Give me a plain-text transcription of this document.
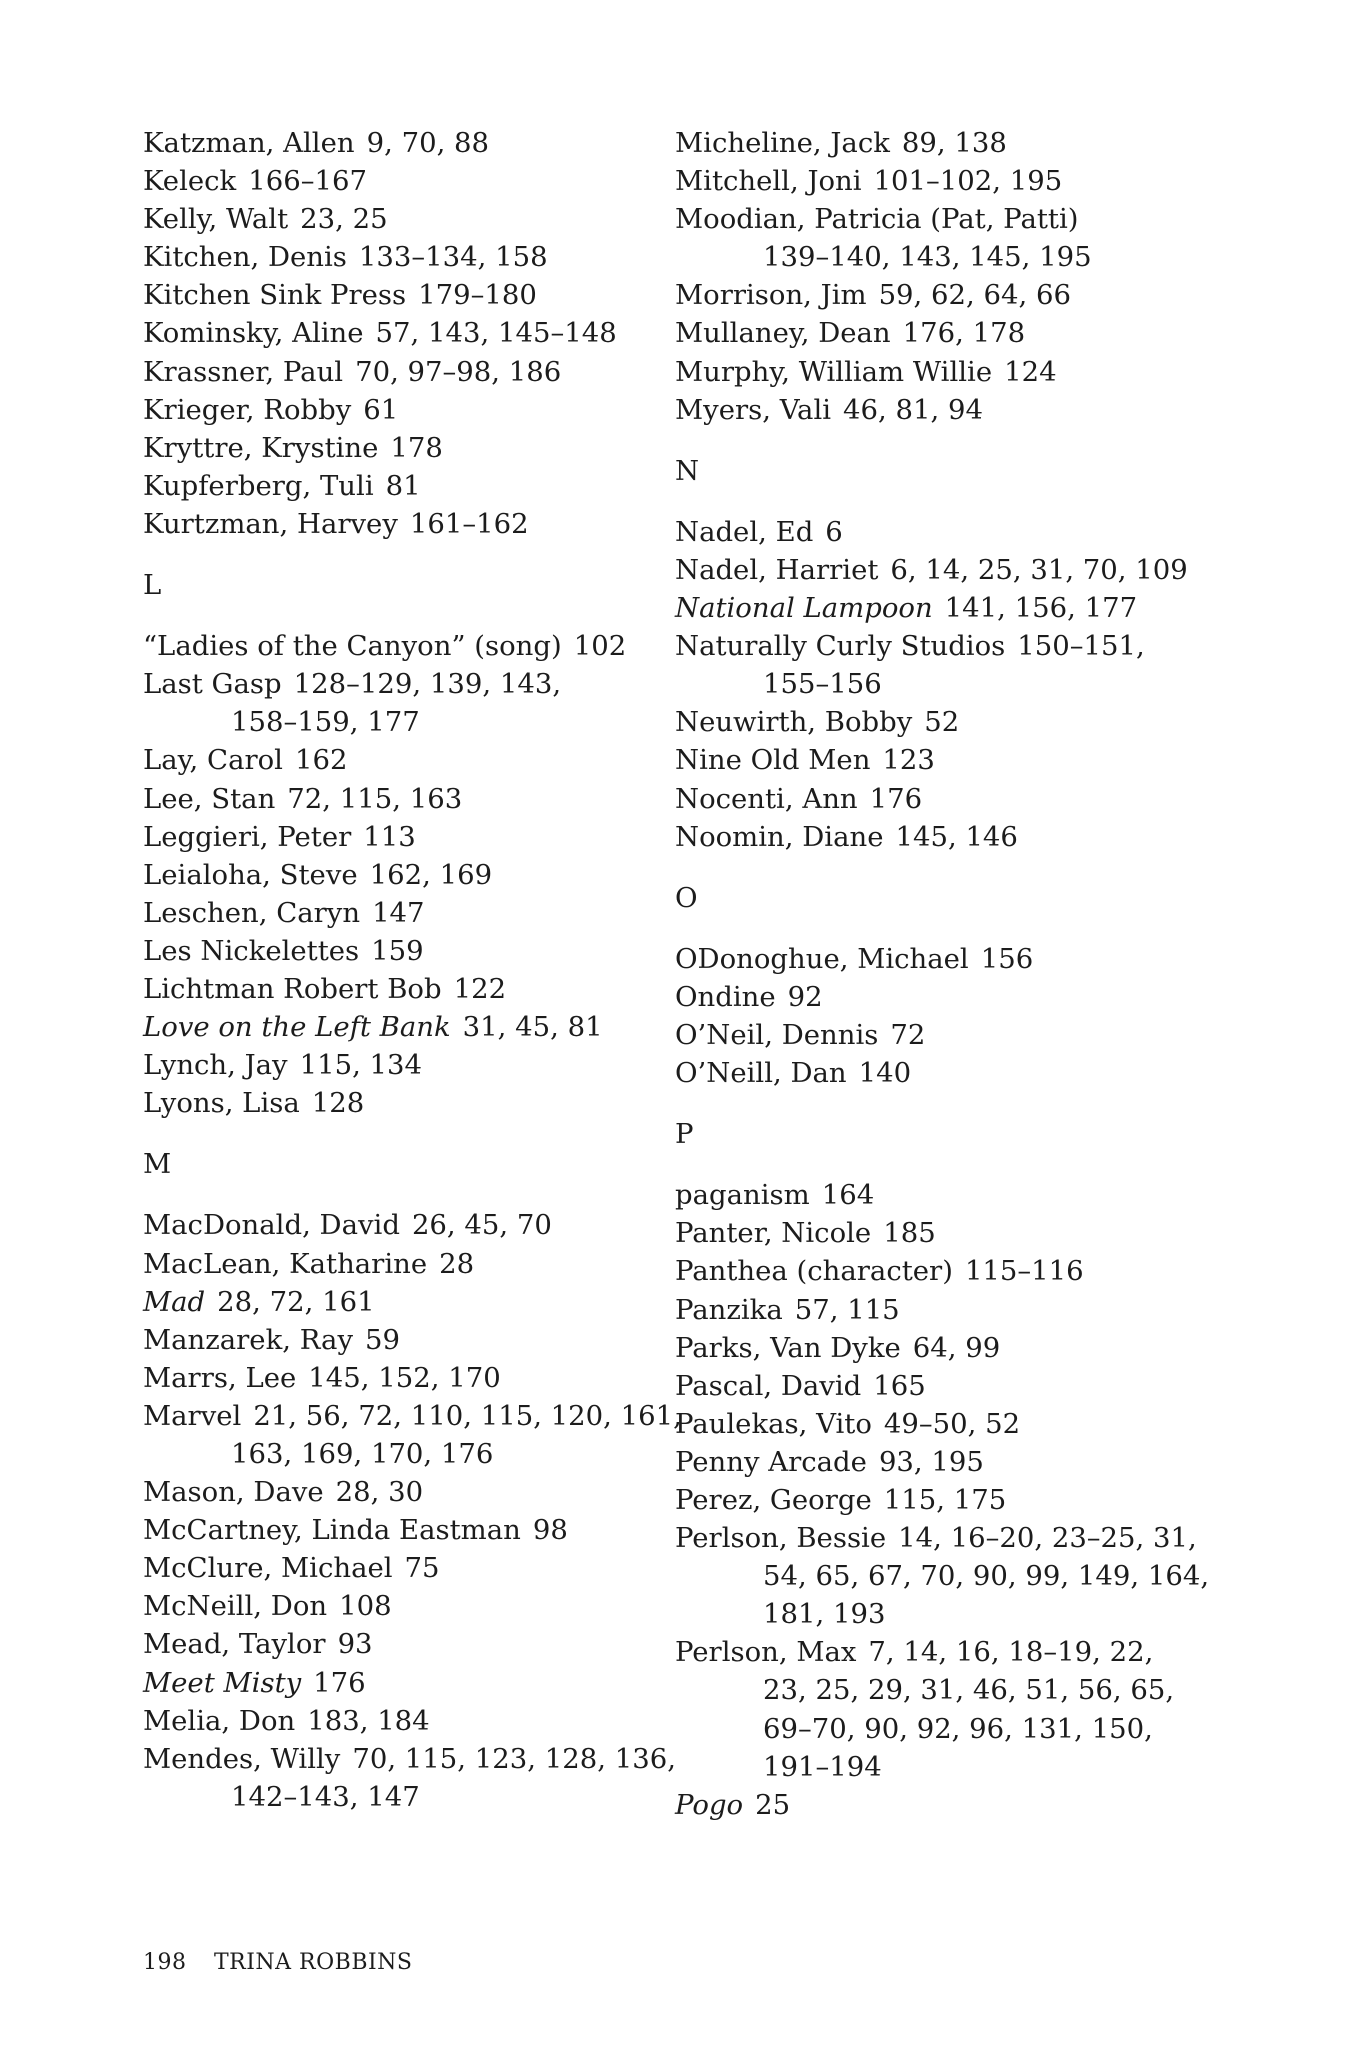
Katzman, Allen 9, 70, 88
Keleck 166–167
Kelly, Walt 23, 25
Kitchen, Denis 133–134, 158
Kitchen Sink Press 179–180
Kominsky, Aline 57, 143, 145–148
Krassner, Paul 70, 97–98, 186
Krieger, Robby 61
Kryttre, Krystine 178
Kupferberg, Tuli 81
Kurtzman, Harvey 161–162
L
“Ladies of the Canyon” (song) 102
Last Gasp 128–129, 139, 143,
158–159, 177
Lay, Carol 162
Lee, Stan 72, 115, 163
Leggieri, Peter 113
Leialoha, Steve 162, 169
Leschen, Caryn 147
Les Nickelettes 159
Lichtman Robert Bob 122
Love on the Left Bank 31, 45, 81
Lynch, Jay 115, 134
Lyons, Lisa 128
M
MacDonald, David 26, 45, 70
MacLean, Katharine 28
Mad 28, 72, 161
Manzarek, Ray 59
Marrs, Lee 145, 152, 170
Marvel 21, 56, 72, 110, 115, 120, 161,
163, 169, 170, 176
Mason, Dave 28, 30
McCartney, Linda Eastman 98
McClure, Michael 75
McNeill, Don 108
Mead, Taylor 93
Meet Misty 176
Melia, Don 183, 184
Mendes, Willy 70, 115, 123, 128, 136,
142–143, 147
Micheline, Jack 89, 138
Mitchell, Joni 101–102, 195
Moodian, Patricia (Pat, Patti)
139–140, 143, 145, 195
Morrison, Jim 59, 62, 64, 66
Mullaney, Dean 176, 178
Murphy, William Willie 124
Myers, Vali 46, 81, 94
N
Nadel, Ed 6
Nadel, Harriet 6, 14, 25, 31, 70, 109
National Lampoon 141, 156, 177
Naturally Curly Studios 150–151,
155–156
Neuwirth, Bobby 52
Nine Old Men 123
Nocenti, Ann 176
Noomin, Diane 145, 146
O
ODonoghue, Michael 156
Ondine 92
O’Neil, Dennis 72
O’Neill, Dan 140
P
paganism 164
Panter, Nicole 185
Panthea (character) 115–116
Panzika 57, 115
Parks, Van Dyke 64, 99
Pascal, David 165
Paulekas, Vito 49–50, 52
Penny Arcade 93, 195
Perez, George 115, 175
Perlson, Bessie 14, 16–20, 23–25, 31,
54, 65, 67, 70, 90, 99, 149, 164,
181, 193
Perlson, Max 7, 14, 16, 18–19, 22,
23, 25, 29, 31, 46, 51, 56, 65,
69–70, 90, 92, 96, 131, 150,
191–194
Pogo 25
198 TRINA ROBBINS
